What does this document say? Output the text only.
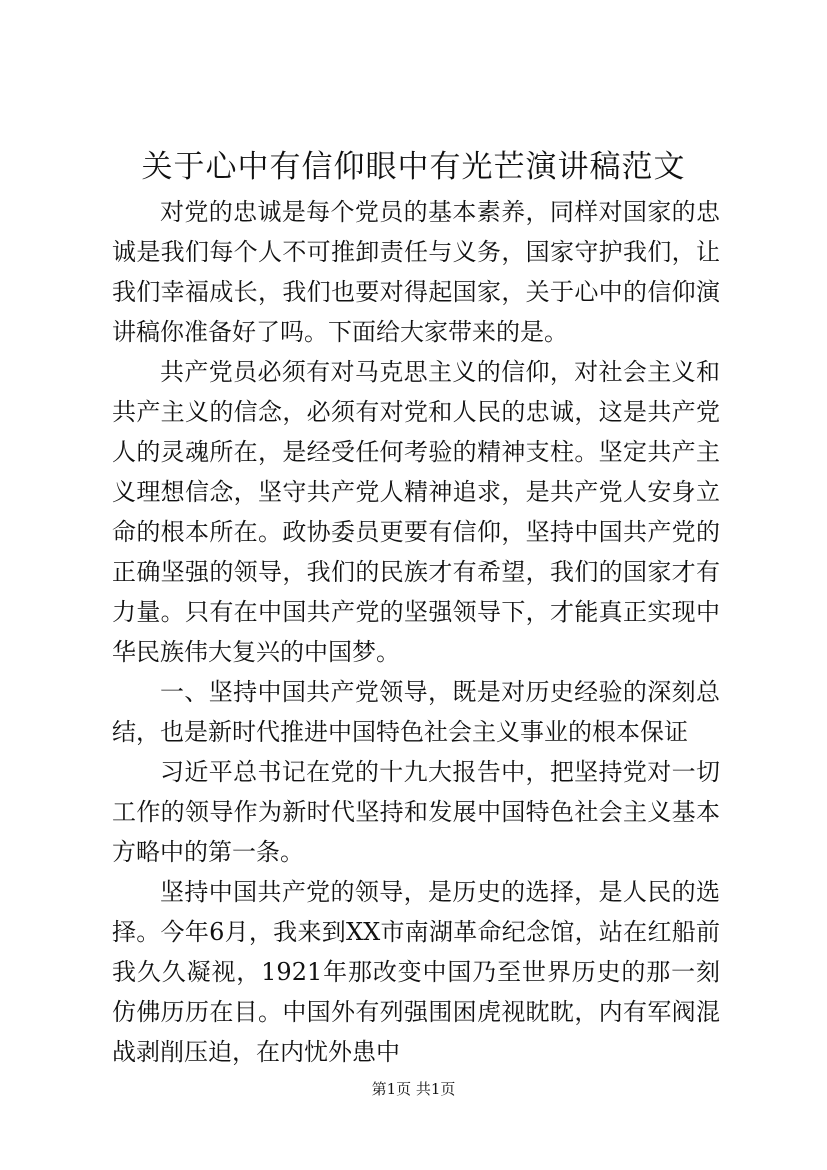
关于心中有信仰眼中有光芒演讲稿范文

对党的忠诚是每个党员的基本素养，同样对国家的忠诚是我们每个人不可推卸责任与义务，国家守护我们，让我们幸福成长，我们也要对得起国家，关于心中的信仰演讲稿你准备好了吗。下面给大家带来的是。

共产党员必须有对马克思主义的信仰，对社会主义和共产主义的信念，必须有对党和人民的忠诚，这是共产党人的灵魂所在，是经受任何考验的精神支柱。坚定共产主义理想信念，坚守共产党人精神追求，是共产党人安身立命的根本所在。政协委员更要有信仰，坚持中国共产党的正确坚强的领导，我们的民族才有希望，我们的国家才有力量。只有在中国共产党的坚强领导下，才能真正实现中华民族伟大复兴的中国梦。

一、坚持中国共产党领导，既是对历史经验的深刻总结，也是新时代推进中国特色社会主义事业的根本保证

习近平总书记在党的十九大报告中，把坚持党对一切工作的领导作为新时代坚持和发展中国特色社会主义基本方略中的第一条。

坚持中国共产党的领导，是历史的选择，是人民的选择。今年6月，我来到XX市南湖革命纪念馆，站在红船前我久久凝视，1921年那改变中国乃至世界历史的那一刻仿佛历历在目。中国外有列强围困虎视眈眈，内有军阀混战剥削压迫，在内忧外患中

第1页 共1页
